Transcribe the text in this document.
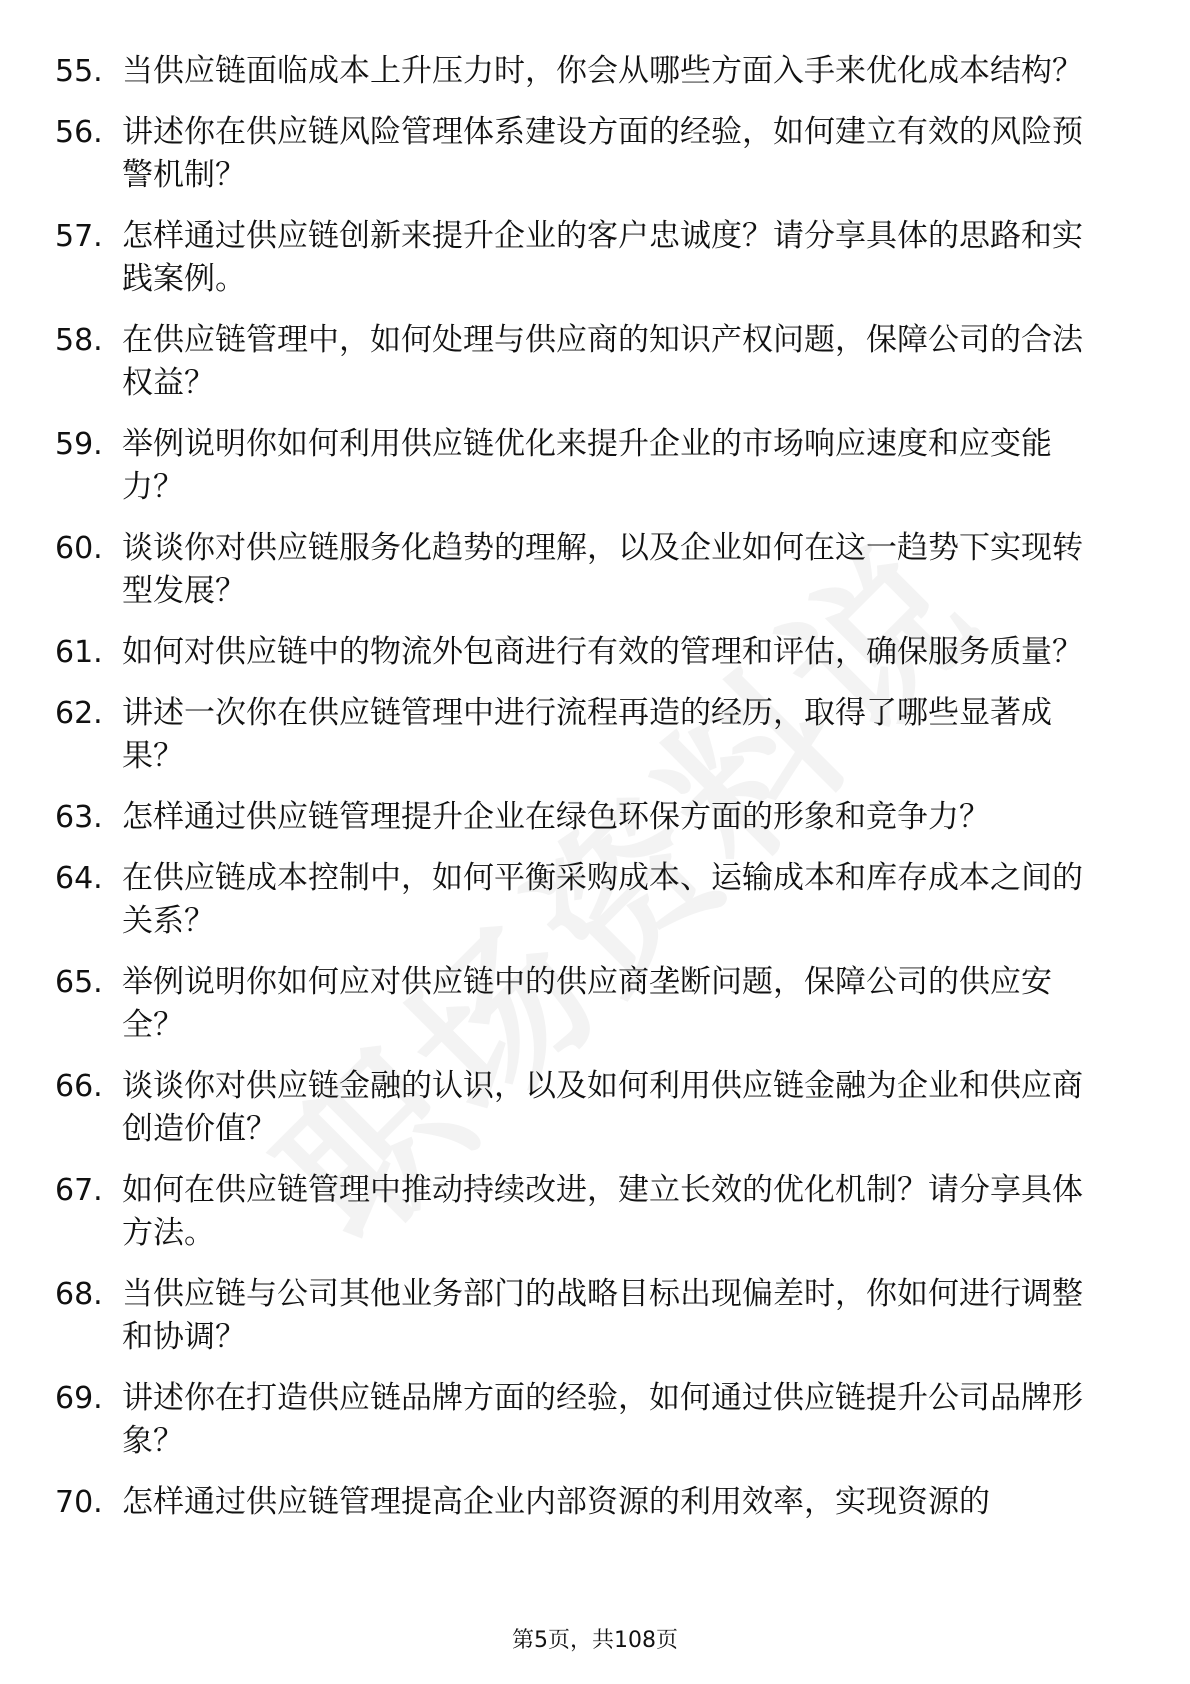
55. 当供应链面临成本上升压力时，你会从哪些方面入手来优化成本结构？
56. 讲述你在供应链风险管理体系建设方面的经验，如何建立有效的风险预警机制？
57. 怎样通过供应链创新来提升企业的客户忠诚度？请分享具体的思路和实践案例。
58. 在供应链管理中，如何处理与供应商的知识产权问题，保障公司的合法权益？
59. 举例说明你如何利用供应链优化来提升企业的市场响应速度和应变能力？
60. 谈谈你对供应链服务化趋势的理解，以及企业如何在这一趋势下实现转型发展？
61. 如何对供应链中的物流外包商进行有效的管理和评估，确保服务质量？
62. 讲述一次你在供应链管理中进行流程再造的经历，取得了哪些显著成果？
63. 怎样通过供应链管理提升企业在绿色环保方面的形象和竞争力？
64. 在供应链成本控制中，如何平衡采购成本、运输成本和库存成本之间的关系？
65. 举例说明你如何应对供应链中的供应商垄断问题，保障公司的供应安全？
66. 谈谈你对供应链金融的认识，以及如何利用供应链金融为企业和供应商创造价值？
67. 如何在供应链管理中推动持续改进，建立长效的优化机制？请分享具体方法。
68. 当供应链与公司其他业务部门的战略目标出现偏差时，你如何进行调整和协调？
69. 讲述你在打造供应链品牌方面的经验，如何通过供应链提升公司品牌形象？
70. 怎样通过供应链管理提高企业内部资源的利用效率，实现资源的
第5页，共108页
